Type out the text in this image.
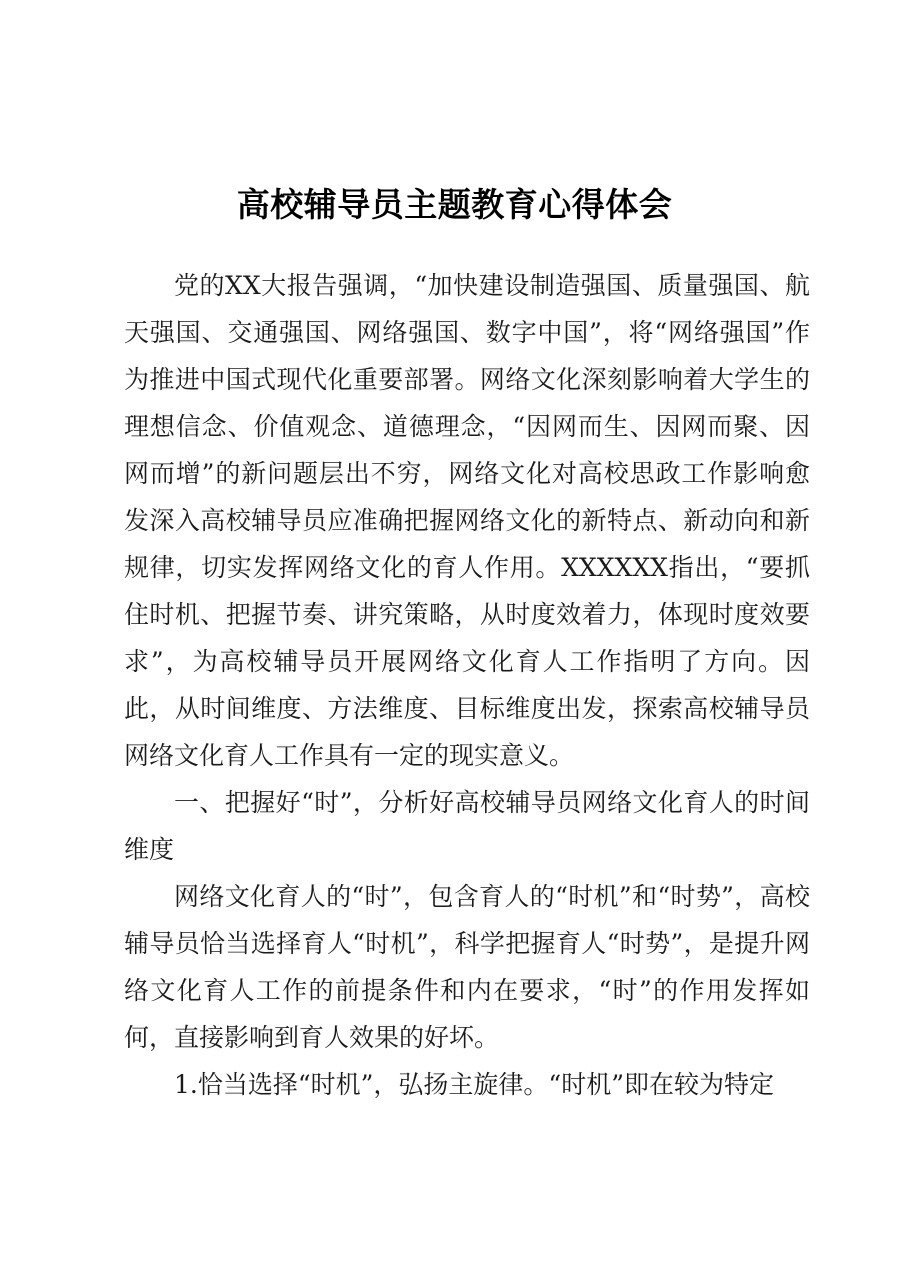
高校辅导员主题教育心得体会

党的XX大报告强调，“加快建设制造强国、质量强国、航天强国、交通强国、网络强国、数字中国”，将“网络强国”作为推进中国式现代化重要部署。网络文化深刻影响着大学生的理想信念、价值观念、道德理念，“因网而生、因网而聚、因网而增”的新问题层出不穷，网络文化对高校思政工作影响愈发深入高校辅导员应准确把握网络文化的新特点、新动向和新规律，切实发挥网络文化的育人作用。XXXXXX指出，“要抓住时机、把握节奏、讲究策略，从时度效着力，体现时度效要求”，为高校辅导员开展网络文化育人工作指明了方向。因此，从时间维度、方法维度、目标维度出发，探索高校辅导员网络文化育人工作具有一定的现实意义。

一、把握好“时”，分析好高校辅导员网络文化育人的时间维度

网络文化育人的“时”，包含育人的“时机”和“时势”，高校辅导员恰当选择育人“时机”，科学把握育人“时势”，是提升网络文化育人工作的前提条件和内在要求，“时”的作用发挥如何，直接影响到育人效果的好坏。

1.恰当选择“时机”，弘扬主旋律。“时机”即在较为特定
